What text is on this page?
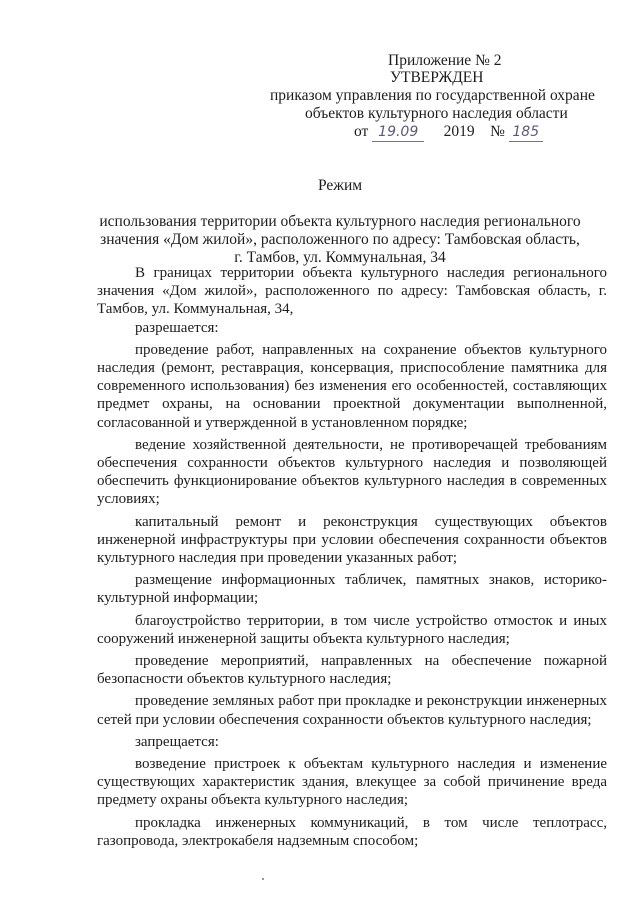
Приложение № 2
УТВЕРЖДЕН
приказом управления по государственной охране
объектов культурного наследия области
от 19.09 2019 № 185
Режим
использования территории объекта культурного наследия регионального
значения «Дом жилой», расположенного по адресу: Тамбовская область,
г. Тамбов, ул. Коммунальная, 34

В границах территории объекта культурного наследия регионального значения «Дом жилой», расположенного по адресу: Тамбовская область, г. Тамбов, ул. Коммунальная, 34,

разрешается:

проведение работ, направленных на сохранение объектов культурного наследия (ремонт, реставрация, консервация, приспособление памятника для современного использования) без изменения его особенностей, составляющих предмет охраны, на основании проектной документации выполненной, согласованной и утвержденной в установленном порядке;

ведение хозяйственной деятельности, не противоречащей требованиям обеспечения сохранности объектов культурного наследия и позволяющей обеспечить функционирование объектов культурного наследия в современных условиях;

капитальный ремонт и реконструкция существующих объектов инженерной инфраструктуры при условии обеспечения сохранности объектов культурного наследия при проведении указанных работ;

размещение информационных табличек, памятных знаков, историко-культурной информации;

благоустройство территории, в том числе устройство отмосток и иных сооружений инженерной защиты объекта культурного наследия;

проведение мероприятий, направленных на обеспечение пожарной безопасности объектов культурного наследия;

проведение земляных работ при прокладке и реконструкции инженерных сетей при условии обеспечения сохранности объектов культурного наследия;

запрещается:

возведение пристроек к объектам культурного наследия и изменение существующих характеристик здания, влекущее за собой причинение вреда предмету охраны объекта культурного наследия;

прокладка инженерных коммуникаций, в том числе теплотрасс, газопровода, электрокабеля надземным способом;
